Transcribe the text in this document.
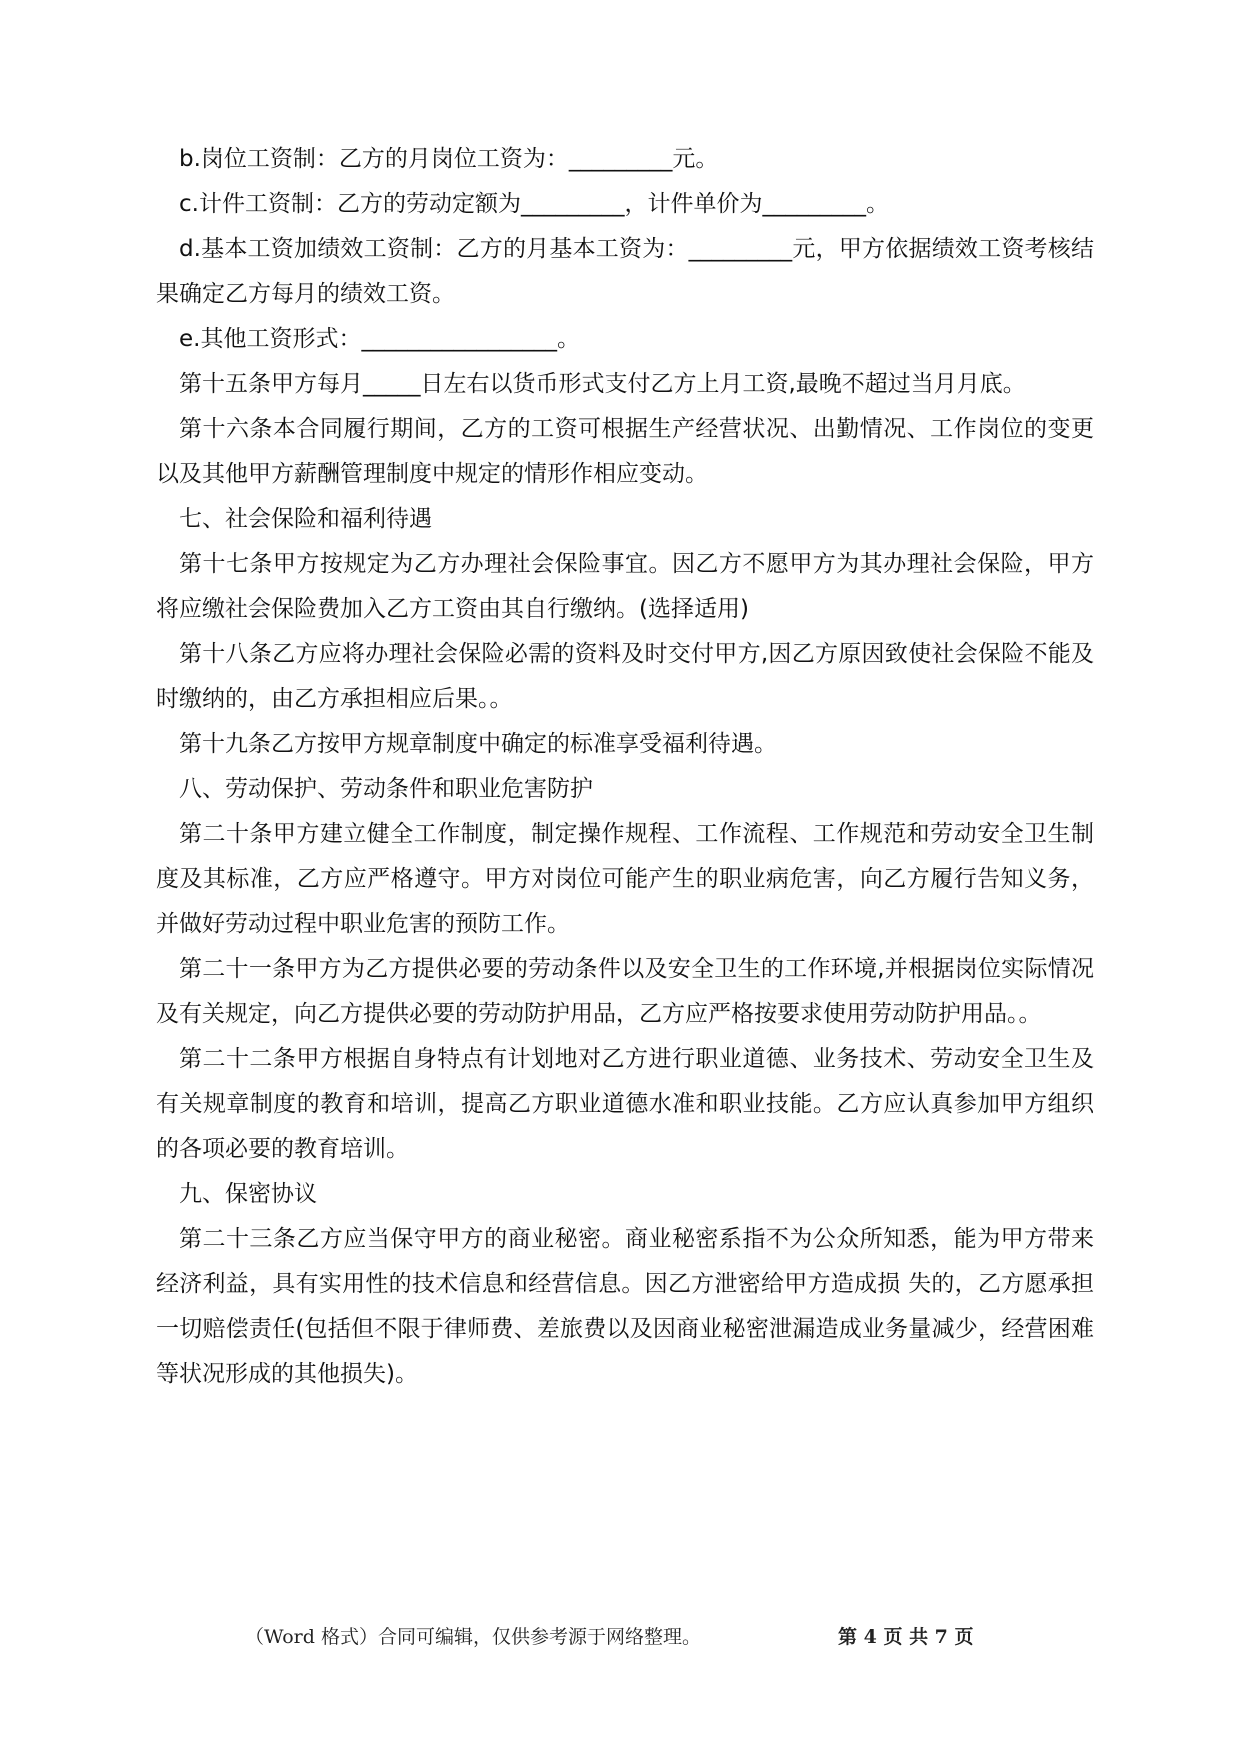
b.岗位工资制：乙方的月岗位工资为：_________元。

c.计件工资制：乙方的劳动定额为_________，计件单价为_________。

d.基本工资加绩效工资制：乙方的月基本工资为：_________元，甲方依据绩效工资考核结果确定乙方每月的绩效工资。

e.其他工资形式：_________________。

第十五条甲方每月_____日左右以货币形式支付乙方上月工资,最晚不超过当月月底。

第十六条本合同履行期间，乙方的工资可根据生产经营状况、出勤情况、工作岗位的变更以及其他甲方薪酬管理制度中规定的情形作相应变动。

七、社会保险和福利待遇

第十七条甲方按规定为乙方办理社会保险事宜。因乙方不愿甲方为其办理社会保险，甲方将应缴社会保险费加入乙方工资由其自行缴纳。(选择适用)

第十八条乙方应将办理社会保险必需的资料及时交付甲方,因乙方原因致使社会保险不能及时缴纳的，由乙方承担相应后果。。

第十九条乙方按甲方规章制度中确定的标准享受福利待遇。

八、劳动保护、劳动条件和职业危害防护

第二十条甲方建立健全工作制度，制定操作规程、工作流程、工作规范和劳动安全卫生制度及其标准，乙方应严格遵守。甲方对岗位可能产生的职业病危害，向乙方履行告知义务，并做好劳动过程中职业危害的预防工作。

第二十一条甲方为乙方提供必要的劳动条件以及安全卫生的工作环境,并根据岗位实际情况及有关规定，向乙方提供必要的劳动防护用品，乙方应严格按要求使用劳动防护用品。。

第二十二条甲方根据自身特点有计划地对乙方进行职业道德、业务技术、劳动安全卫生及有关规章制度的教育和培训，提高乙方职业道德水准和职业技能。乙方应认真参加甲方组织的各项必要的教育培训。

九、保密协议

第二十三条乙方应当保守甲方的商业秘密。商业秘密系指不为公众所知悉，能为甲方带来经济利益，具有实用性的技术信息和经营信息。因乙方泄密给甲方造成损 失的，乙方愿承担一切赔偿责任(包括但不限于律师费、差旅费以及因商业秘密泄漏造成业务量减少，经营困难等状况形成的其他损失)。

（Word 格式）合同可编辑，仅供参考源于网络整理。	第 4 页 共 7 页
